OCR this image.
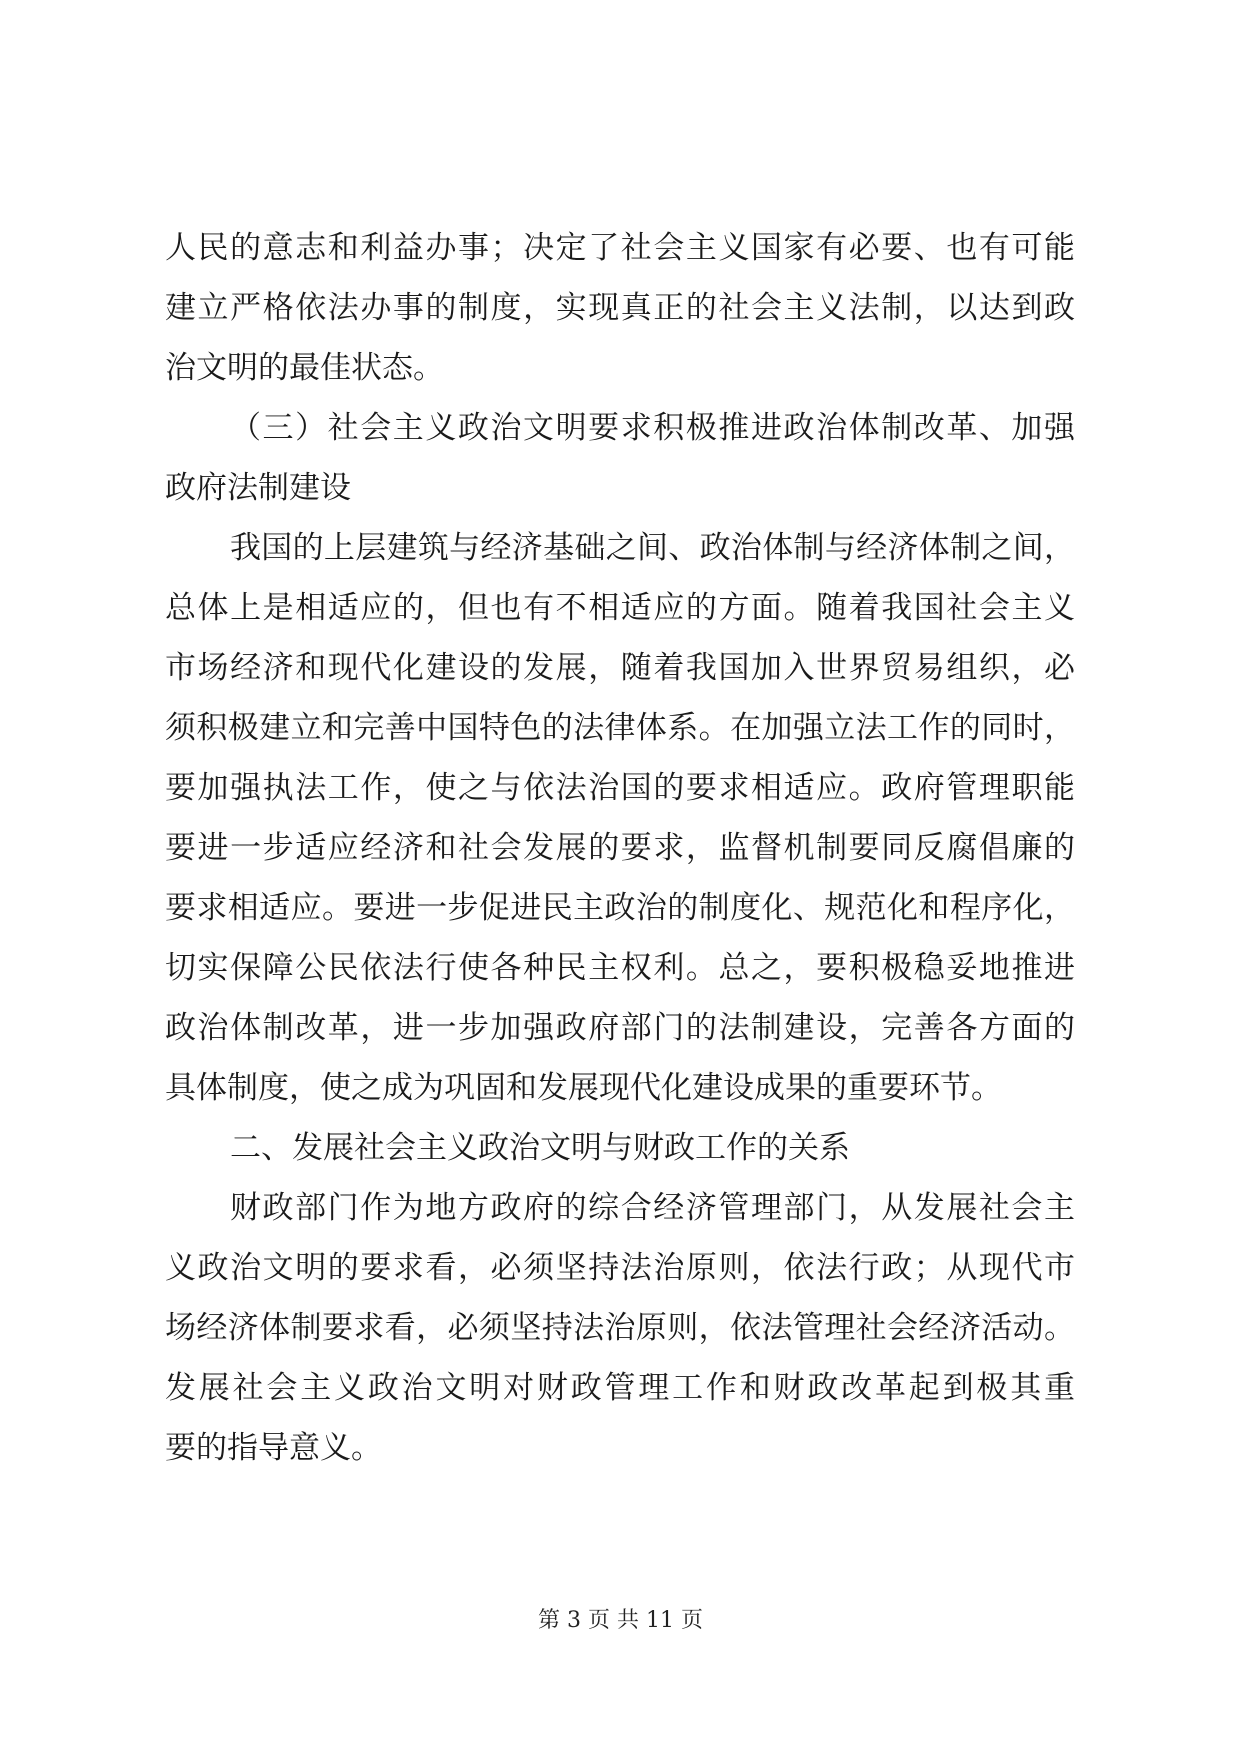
人民的意志和利益办事；决定了社会主义国家有必要、也有可能
建立严格依法办事的制度，实现真正的社会主义法制，以达到政
治文明的最佳状态。
（三）社会主义政治文明要求积极推进政治体制改革、加强
政府法制建设
我国的上层建筑与经济基础之间、政治体制与经济体制之间，
总体上是相适应的，但也有不相适应的方面。随着我国社会主义
市场经济和现代化建设的发展，随着我国加入世界贸易组织，必
须积极建立和完善中国特色的法律体系。在加强立法工作的同时，
要加强执法工作，使之与依法治国的要求相适应。政府管理职能
要进一步适应经济和社会发展的要求，监督机制要同反腐倡廉的
要求相适应。要进一步促进民主政治的制度化、规范化和程序化，
切实保障公民依法行使各种民主权利。总之，要积极稳妥地推进
政治体制改革，进一步加强政府部门的法制建设，完善各方面的
具体制度，使之成为巩固和发展现代化建设成果的重要环节。
二、发展社会主义政治文明与财政工作的关系
财政部门作为地方政府的综合经济管理部门，从发展社会主
义政治文明的要求看，必须坚持法治原则，依法行政；从现代市
场经济体制要求看，必须坚持法治原则，依法管理社会经济活动。
发展社会主义政治文明对财政管理工作和财政改革起到极其重
要的指导意义。
第 3 页 共 11 页
